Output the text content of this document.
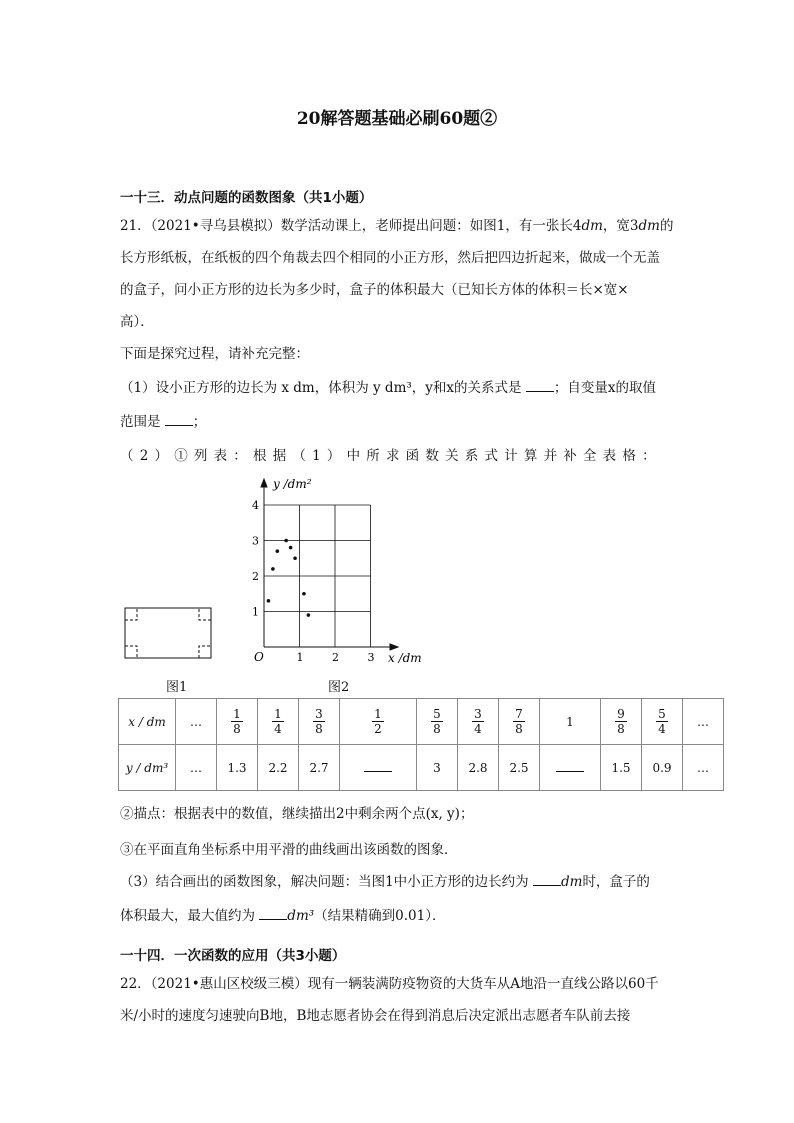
20解答题基础必刷60题②
一十三．动点问题的函数图象（共1小题）
21．（2021•寻乌县模拟）数学活动课上，老师提出问题：如图1，有一张长4dm，宽3dm的
长方形纸板，在纸板的四个角裁去四个相同的小正方形，然后把四边折起来，做成一个无盖
的盒子，问小正方形的边长为多少时，盒子的体积最大（已知长方体的体积＝长×宽×
高）．
下面是探究过程，请补充完整：
（1）设小正方形的边长为 x dm，体积为 y dm³，y和x的关系式是 ；自变量x的取值
范围是 ；
（2）①列表：根据（1）中所求函数关系式计算并补全表格：
图1
y /dm²
x /dm
O	1	2	3
1
2
3
4
图2
x / dm	…	$\frac{1}{8}$	$\frac{1}{4}$	$\frac{3}{8}$	$\frac{1}{2}$	$\frac{5}{8}$	$\frac{3}{4}$	$\frac{7}{8}$	1	$\frac{9}{8}$	$\frac{5}{4}$	…
y / dm³	…	1.3	2.2	2.7		3	2.8	2.5		1.5	0.9	…
②描点：根据表中的数值，继续描出2中剩余两个点(x, y)；
③在平面直角坐标系中用平滑的曲线画出该函数的图象．
（3）结合画出的函数图象，解决问题：当图1中小正方形的边长约为 dm时，盒子的
体积最大，最大值约为 dm³（结果精确到0.01）．
一十四．一次函数的应用（共3小题）
22．（2021•惠山区校级三模）现有一辆装满防疫物资的大货车从A地沿一直线公路以60千
米/小时的速度匀速驶向B地，B地志愿者协会在得到消息后决定派出志愿者车队前去接
